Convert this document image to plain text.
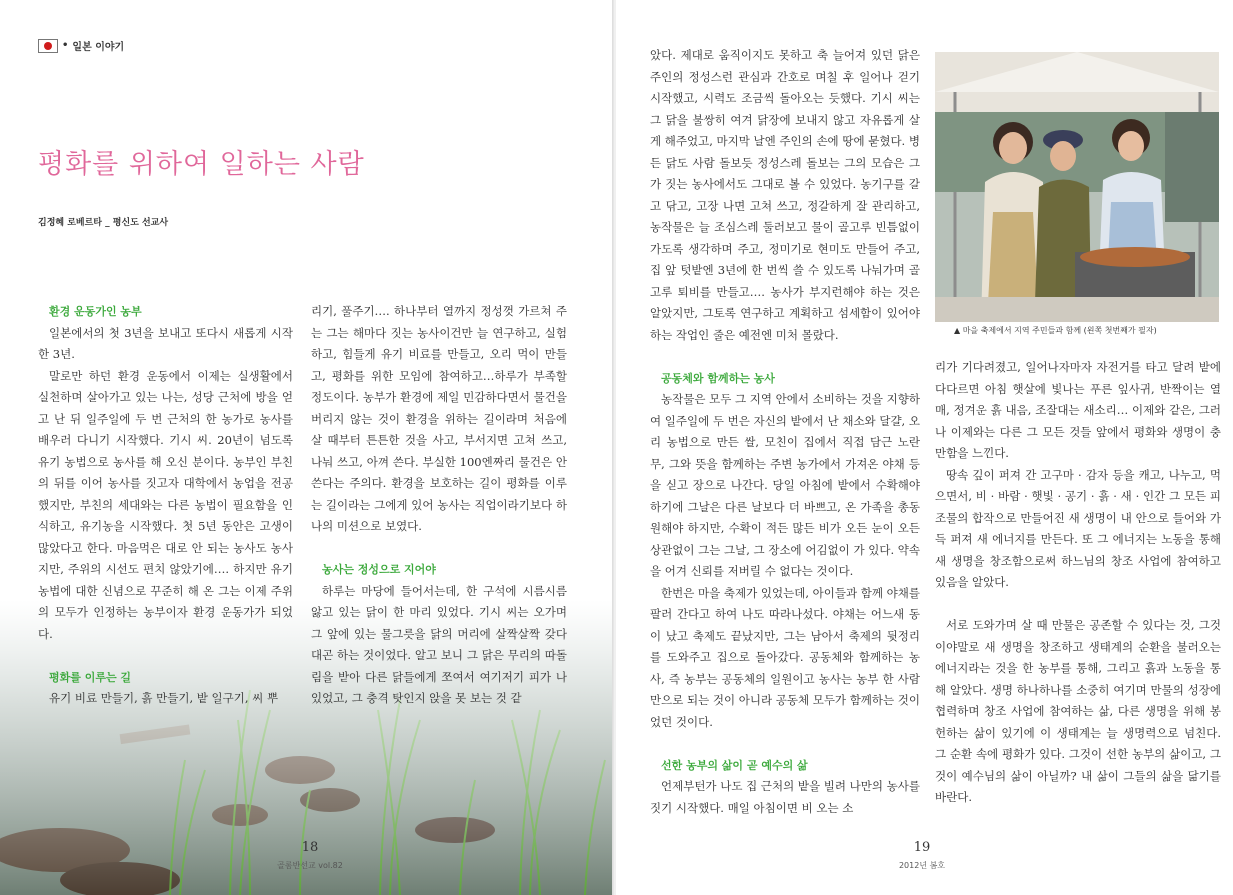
• 일본 이야기
평화를 위하여 일하는 사람
김정혜 로베르타 _ 평신도 선교사
환경 운동가인 농부

일본에서의 첫 3년을 보내고 또다시 새롭게 시작한 3년.

말로만 하던 환경 운동에서 이제는 실생활에서 실천하며 살아가고 있는 나는, 성당 근처에 방을 얻고 난 뒤 일주일에 두 번 근처의 한 농가로 농사를 배우러 다니기 시작했다. 기시 씨. 20년이 넘도록 유기 농법으로 농사를 해 오신 분이다. 농부인 부친의 뒤를 이어 농사를 짓고자 대학에서 농업을 전공했지만, 부친의 세대와는 다른 농법이 필요함을 인식하고, 유기농을 시작했다. 첫 5년 동안은 고생이 많았다고 한다. 마음먹은 대로 안 되는 농사도 농사지만, 주위의 시선도 편치 않았기에…. 하지만 유기 농법에 대한 신념으로 꾸준히 해 온 그는 이제 주위의 모두가 인정하는 농부이자 환경 운동가가 되었다.

평화를 이루는 길

유기 비료 만들기, 흙 만들기, 밭 일구기, 씨 뿌

리기, 풀주기…. 하나부터 열까지 정성껏 가르쳐 주는 그는 해마다 짓는 농사이건만 늘 연구하고, 실험하고, 힘들게 유기 비료를 만들고, 오리 먹이 만들고, 평화를 위한 모임에 참여하고…하루가 부족할 정도이다. 농부가 환경에 제일 민감하다면서 물건을 버리지 않는 것이 환경을 위하는 길이라며 처음에 살 때부터 튼튼한 것을 사고, 부서지면 고쳐 쓰고, 나눠 쓰고, 아껴 쓴다. 부실한 100엔짜리 물건은 안 쓴다는 주의다. 환경을 보호하는 길이 평화를 이루는 길이라는 그에게 있어 농사는 직업이라기보다 하나의 미션으로 보였다.

농사는 정성으로 지어야

하루는 마당에 들어서는데, 한 구석에 시름시름 앓고 있는 닭이 한 마리 있었다. 기시 씨는 오가며 그 앞에 있는 물그릇을 닭의 머리에 살짝살짝 갖다 대곤 하는 것이었다. 알고 보니 그 닭은 무리의 따돌림을 받아 다른 닭들에게 쪼여서 여기저기 피가 나 있었고, 그 충격 탓인지 앉을 못 보는 것 같

18
골롬반선교 vol.82

았다. 제대로 움직이지도 못하고 축 늘어져 있던 닭은 주인의 정성스런 관심과 간호로 며칠 후 일어나 걷기 시작했고, 시력도 조금씩 돌아오는 듯했다. 기시 씨는 그 닭을 불쌍히 여겨 닭장에 보내지 않고 자유롭게 살게 해주었고, 마지막 날엔 주인의 손에 땅에 묻혔다. 병든 닭도 사람 돌보듯 정성스레 돌보는 그의 모습은 그가 짓는 농사에서도 그대로 볼 수 있었다. 농기구를 갈고 닦고, 고장 나면 고쳐 쓰고, 정갈하게 잘 관리하고, 농작물은 늘 조심스레 둘러보고 물이 골고루 빈틈없이 가도록 생각하며 주고, 정미기로 현미도 만들어 주고, 집 앞 텃밭엔 3년에 한 번씩 쓸 수 있도록 나눠가며 골고루 퇴비를 만들고…. 농사가 부지런해야 하는 것은 알았지만, 그토록 연구하고 계획하고 섬세함이 있어야 하는 작업인 줄은 예전엔 미처 몰랐다.

공동체와 함께하는 농사

농작물은 모두 그 지역 안에서 소비하는 것을 지향하여 일주일에 두 번은 자신의 밭에서 난 채소와 달걀, 오리 농법으로 만든 쌀, 모친이 집에서 직접 담근 노란 무, 그와 뜻을 함께하는 주변 농가에서 가져온 야채 등을 싣고 장으로 나간다. 당일 아침에 밭에서 수확해야 하기에 그날은 다른 날보다 더 바쁘고, 온 가족을 총동원해야 하지만, 수확이 적든 많든 비가 오든 눈이 오든 상관없이 그는 그날, 그 장소에 어김없이 가 있다. 약속을 어겨 신뢰를 저버릴 수 없다는 것이다.

한번은 마을 축제가 있었는데, 아이들과 함께 야채를 팔러 간다고 하여 나도 따라나섰다. 야채는 어느새 동이 났고 축제도 끝났지만, 그는 남아서 축제의 뒷정리를 도와주고 집으로 돌아갔다. 공동체와 함께하는 농사, 즉 농부는 공동체의 일원이고 농사는 농부 한 사람만으로 되는 것이 아니라 공동체 모두가 함께하는 것이었던 것이다.

선한 농부의 삶이 곧 예수의 삶

언제부턴가 나도 집 근처의 밭을 빌려 나만의 농사를 짓기 시작했다. 매일 아침이면 비 오는 소

▲ 마을 축제에서 지역 주민들과 함께 (왼쪽 첫번째가 필자)

리가 기다려졌고, 일어나자마자 자전거를 타고 달려 밭에 다다르면 아침 햇살에 빛나는 푸른 잎사귀, 반짝이는 열매, 정겨운 흙 내음, 조잘대는 새소리… 이제와 같은, 그러나 이제와는 다른 그 모든 것들 앞에서 평화와 생명이 충만함을 느낀다.

땅속 깊이 퍼져 간 고구마 · 감자 등을 캐고, 나누고, 먹으면서, 비 · 바람 · 햇빛 · 공기 · 흙 · 새 · 인간 그 모든 피조물의 합작으로 만들어진 새 생명이 내 안으로 들어와 가득 퍼져 새 에너지를 만든다. 또 그 에너지는 노동을 통해 새 생명을 창조함으로써 하느님의 창조 사업에 참여하고 있음을 알았다.

서로 도와가며 살 때 만물은 공존할 수 있다는 것, 그것이야말로 새 생명을 창조하고 생태계의 순환을 불러오는 에너지라는 것을 한 농부를 통해, 그리고 흙과 노동을 통해 알았다. 생명 하나하나를 소중히 여기며 만물의 성장에 협력하며 창조 사업에 참여하는 삶, 다른 생명을 위해 봉헌하는 삶이 있기에 이 생태계는 늘 생명력으로 넘친다. 그 순환 속에 평화가 있다. 그것이 선한 농부의 삶이고, 그것이 예수님의 삶이 아닐까? 내 삶이 그들의 삶을 닮기를 바란다.

19
2012년 봄호
